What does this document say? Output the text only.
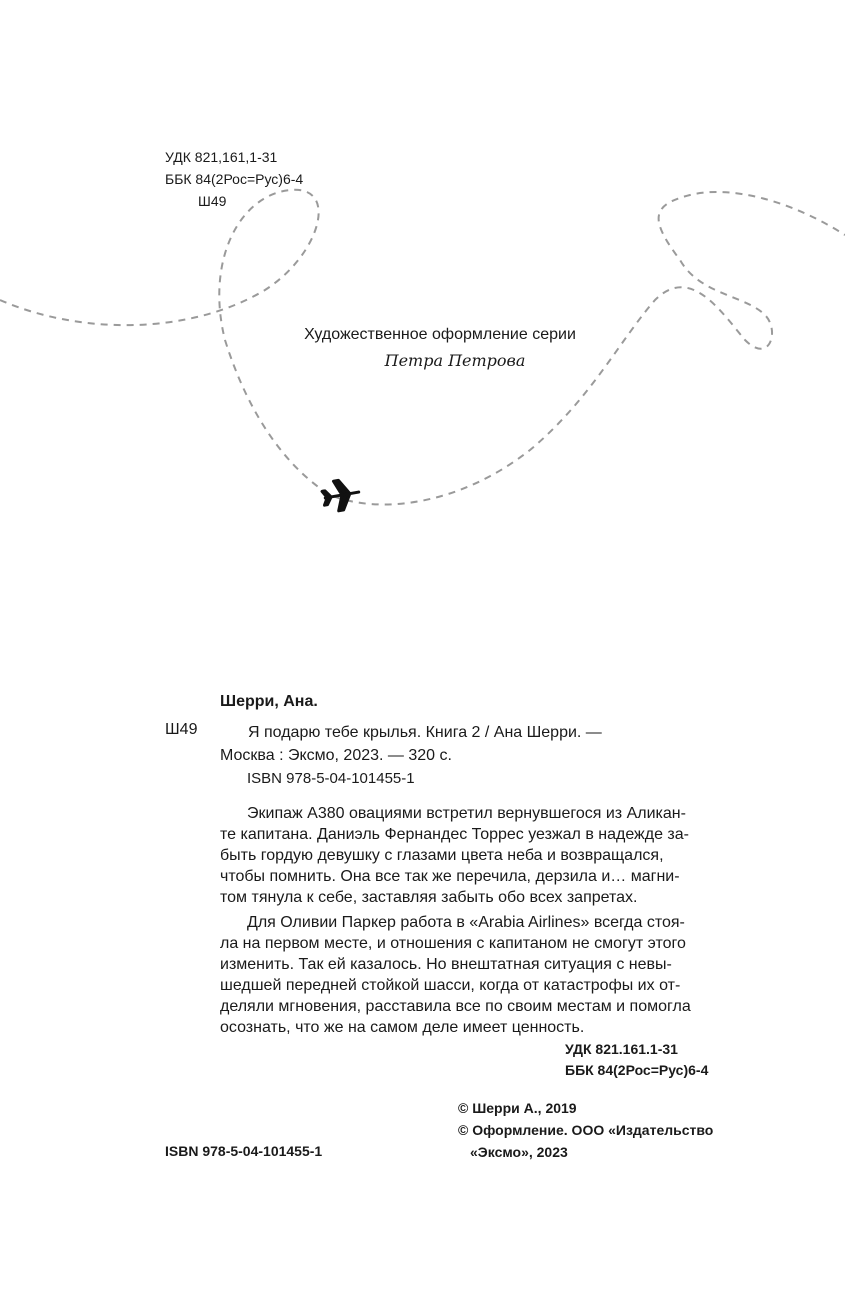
УДК 821,161,1-31
ББК 84(2Рос=Рус)6-4
Ш49
Художественное оформление серии
Петра Петрова
Шерри, Ана.
Ш49	Я подарю тебе крылья. Книга 2 / Ана Шерри. —
Москва : Эксмо, 2023. — 320 с.
ISBN 978-5-04-101455-1
Экипаж А380 овациями встретил вернувшегося из Аликан-
те капитана. Даниэль Фернандес Торрес уезжал в надежде за-
быть гордую девушку с глазами цвета неба и возвращался,
чтобы помнить. Она все так же перечила, дерзила и… магни-
том тянула к себе, заставляя забыть обо всех запретах.
Для Оливии Паркер работа в «Arabia Airlines» всегда стоя-
ла на первом месте, и отношения с капитаном не смогут этого
изменить. Так ей казалось. Но внештатная ситуация с невы-
шедшей передней стойкой шасси, когда от катастрофы их от-
деляли мгновения, расставила все по своим местам и помогла
осознать, что же на самом деле имеет ценность.
УДК 821.161.1-31
ББК 84(2Рос=Рус)6-4
© Шерри А., 2019
© Оформление. ООО «Издательство
«Эксмо», 2023
ISBN 978-5-04-101455-1
